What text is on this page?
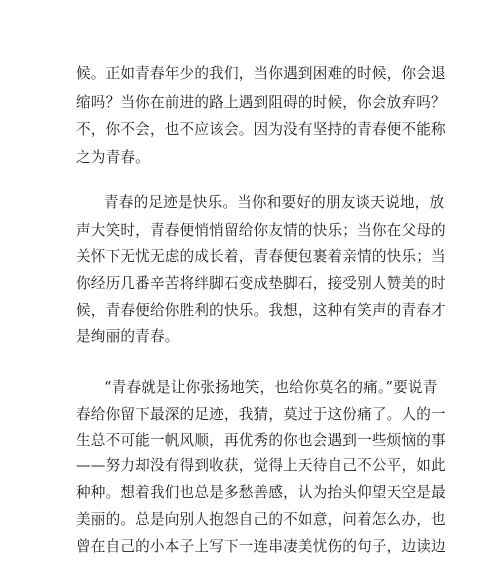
候。正如青春年少的我们，当你遇到困难的时候，你会退
缩吗？当你在前进的路上遇到阻碍的时候，你会放弃吗？
不，你不会，也不应该会。因为没有坚持的青春便不能称
之为青春。
青春的足迹是快乐。当你和要好的朋友谈天说地，放
声大笑时，青春便悄悄留给你友情的快乐；当你在父母的
关怀下无忧无虑的成长着，青春便包裹着亲情的快乐；当
你经历几番辛苦将绊脚石变成垫脚石，接受别人赞美的时
候，青春便给你胜利的快乐。我想，这种有笑声的青春才
是绚丽的青春。
“青春就是让你张扬地笑，也给你莫名的痛。”要说青
春给你留下最深的足迹，我猜，莫过于这份痛了。人的一
生总不可能一帆风顺，再优秀的你也会遇到一些烦恼的事
——努力却没有得到收获，觉得上天待自己不公平，如此
种种。想着我们也总是多愁善感，认为抬头仰望天空是最
美丽的。总是向别人抱怨自己的不如意，问着怎么办，也
曾在自己的小本子上写下一连串凄美忧伤的句子，边读边
